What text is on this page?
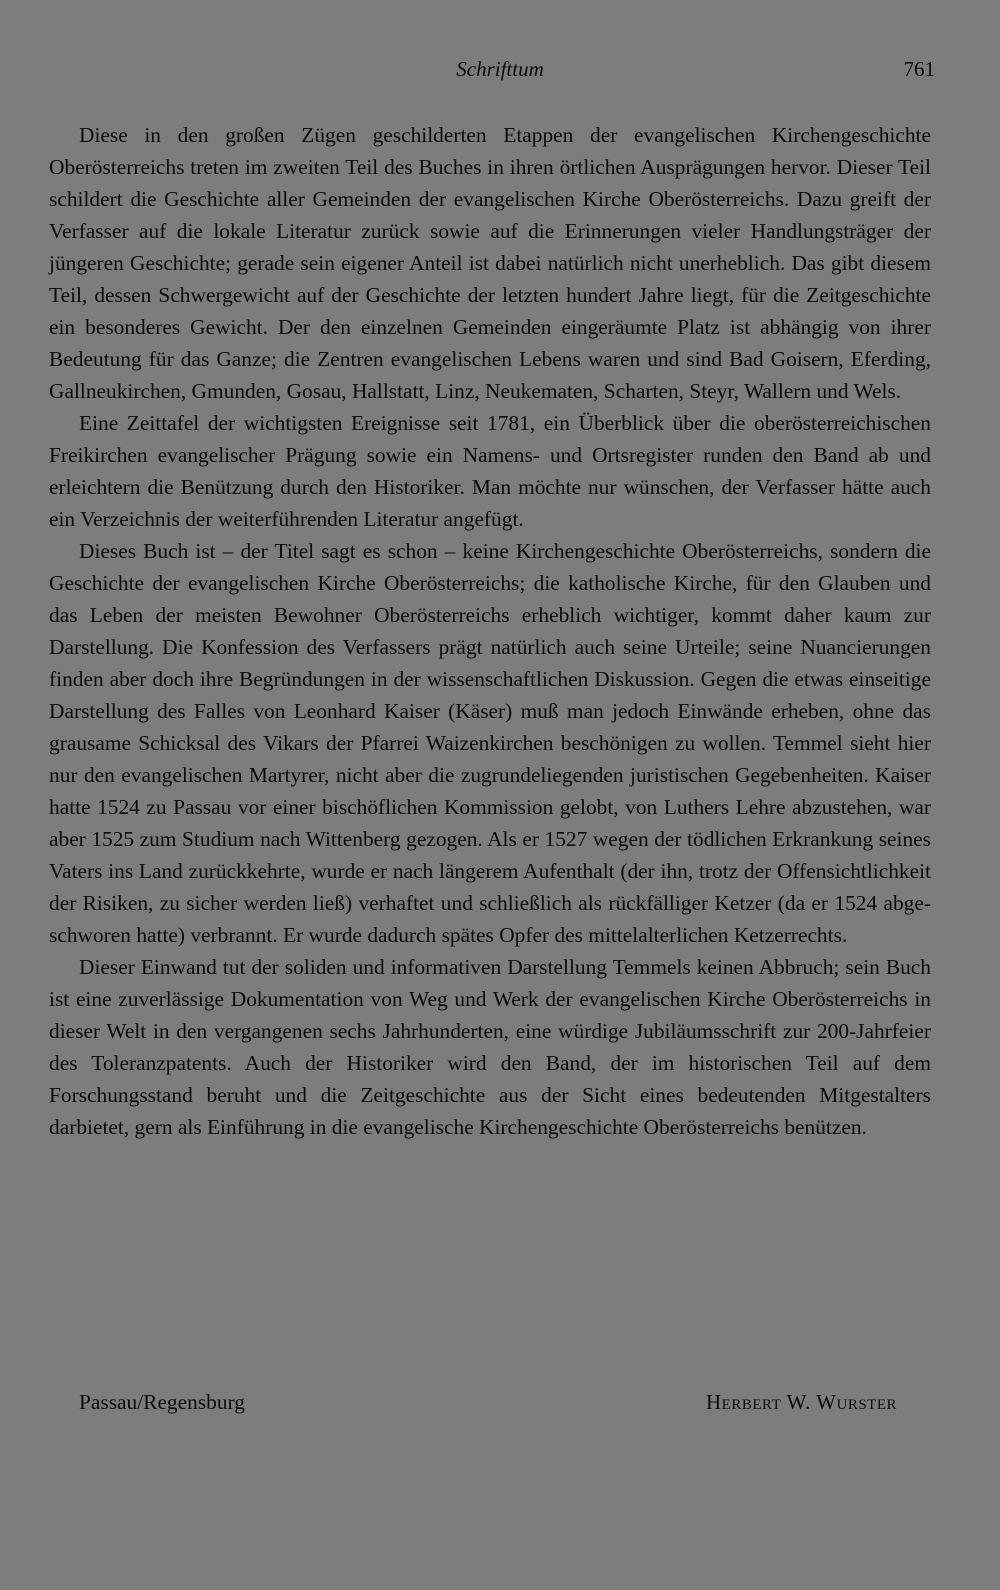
Schrifttum	761

Diese in den großen Zügen geschilderten Etappen der evangelischen Kirchengeschichte Oberösterreichs treten im zweiten Teil des Buches in ihren örtlichen Ausprägungen hervor. Dieser Teil schildert die Geschichte aller Gemeinden der evangelischen Kirche Oberösterreichs. Dazu greift der Verfasser auf die lokale Literatur zurück sowie auf die Erinnerungen vieler Handlungsträger der jüngeren Geschichte; gerade sein eigener Anteil ist dabei natürlich nicht unerheblich. Das gibt diesem Teil, dessen Schwergewicht auf der Geschichte der letzten hundert Jahre liegt, für die Zeitgeschichte ein besonderes Gewicht. Der den einzelnen Gemeinden eingeräumte Platz ist abhängig von ihrer Bedeutung für das Ganze; die Zentren evangelischen Lebens waren und sind Bad Goisern, Eferding, Gallneukirchen, Gmunden, Gosau, Hallstatt, Linz, Neukematen, Scharten, Steyr, Wallern und Wels.

Eine Zeittafel der wichtigsten Ereignisse seit 1781, ein Überblick über die oberösterreichischen Freikirchen evangelischer Prägung sowie ein Namens- und Ortsregister runden den Band ab und erleichtern die Benützung durch den Historiker. Man möchte nur wünschen, der Verfasser hätte auch ein Verzeichnis der weiterführenden Literatur angefügt.

Dieses Buch ist – der Titel sagt es schon – keine Kirchengeschichte Oberösterreichs, sondern die Geschichte der evangelischen Kirche Oberösterreichs; die katholische Kirche, für den Glauben und das Leben der meisten Bewohner Oberösterreichs erheblich wichtiger, kommt daher kaum zur Darstellung. Die Konfession des Verfassers prägt natürlich auch seine Urteile; seine Nuancierungen finden aber doch ihre Begründungen in der wissenschaftlichen Diskussion. Gegen die etwas einseitige Darstellung des Falles von Leonhard Kaiser (Käser) muß man jedoch Einwände erheben, ohne das grausame Schicksal des Vikars der Pfarrei Waizenkirchen beschönigen zu wollen. Temmel sieht hier nur den evangelischen Martyrer, nicht aber die zugrundeliegenden juristischen Gegebenheiten. Kaiser hatte 1524 zu Passau vor einer bischöflichen Kommission gelobt, von Luthers Lehre abzustehen, war aber 1525 zum Studium nach Wittenberg gezogen. Als er 1527 wegen der tödlichen Erkrankung seines Vaters ins Land zurückkehrte, wurde er nach längerem Aufenthalt (der ihn, trotz der Offensichtlichkeit der Risiken, zu sicher werden ließ) verhaftet und schließlich als rückfälliger Ketzer (da er 1524 abgeschworen hatte) verbrannt. Er wurde dadurch spätes Opfer des mittelalterlichen Ketzerrechts.

Dieser Einwand tut der soliden und informativen Darstellung Temmels keinen Abbruch; sein Buch ist eine zuverlässige Dokumentation von Weg und Werk der evangelischen Kirche Oberösterreichs in dieser Welt in den vergangenen sechs Jahrhunderten, eine würdige Jubiläumsschrift zur 200-Jahrfeier des Toleranzpatents. Auch der Historiker wird den Band, der im historischen Teil auf dem Forschungsstand beruht und die Zeitgeschichte aus der Sicht eines bedeutenden Mitgestalters darbietet, gern als Einführung in die evangelische Kirchengeschichte Oberösterreichs benützen.

Passau/Regensburg	Herbert W. Wurster
